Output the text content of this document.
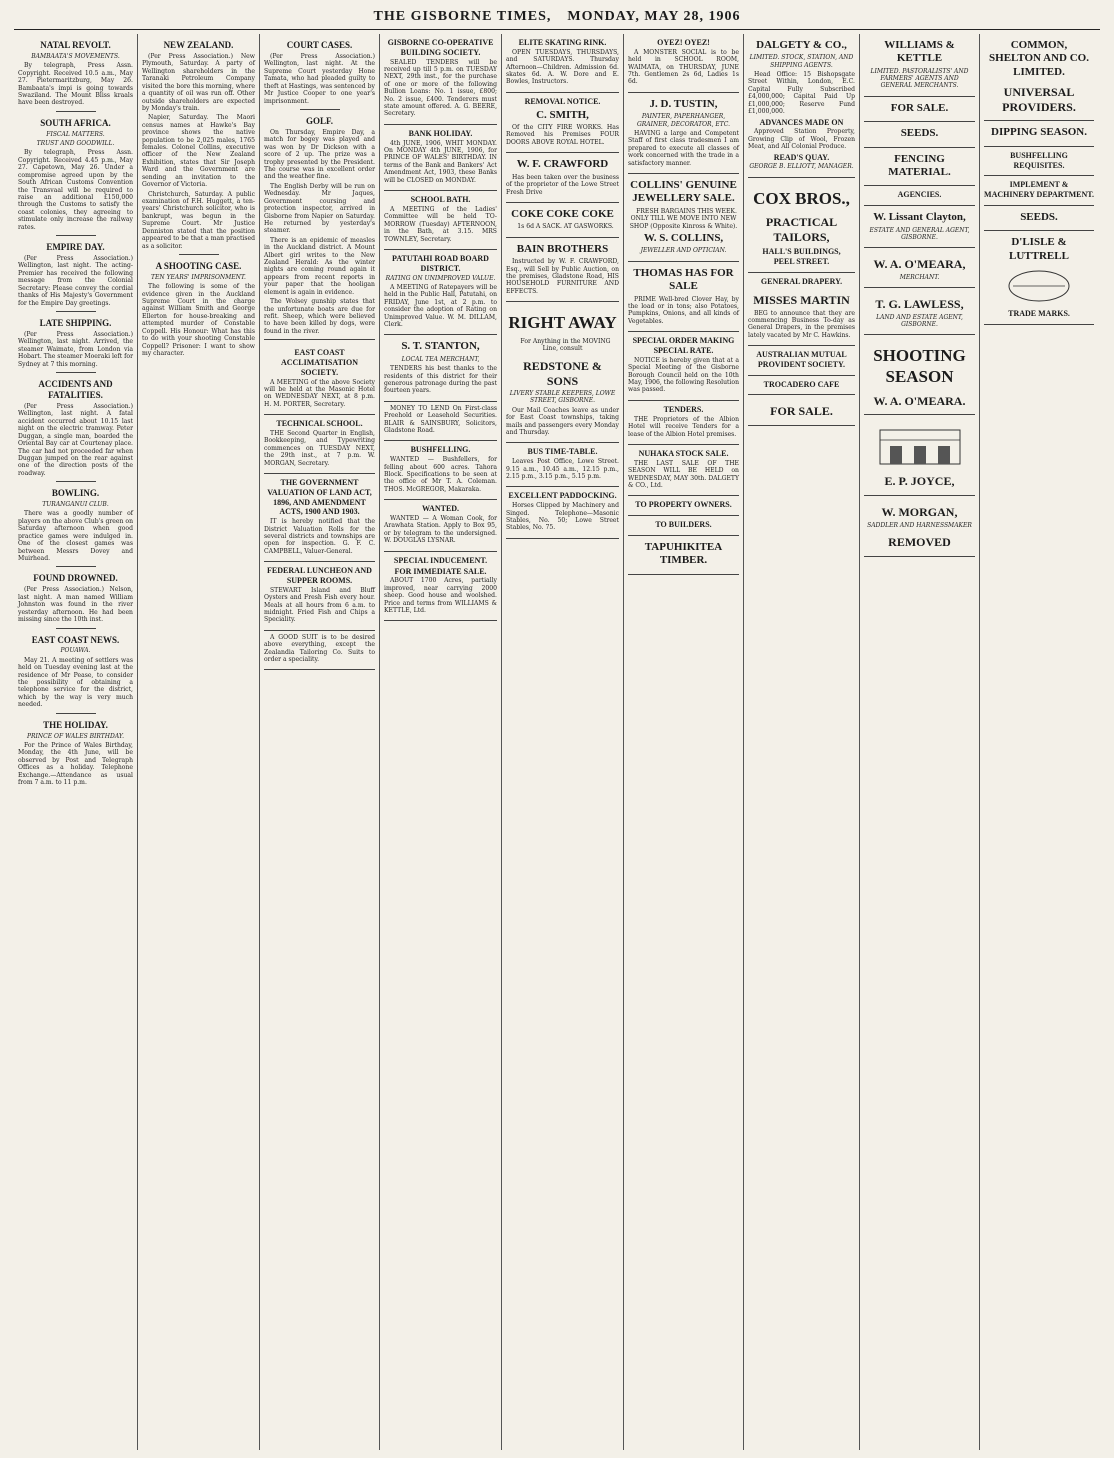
THE GISBORNE TIMES, MONDAY, MAY 28, 1906
NATAL REVOLT.
BAMBAATA'S MOVEMENTS.

By telegraph, Press Assn. Copyright. Received 10.5 a.m., May 27. Pietermaritzburg, May 26. Bambaata's impi is going towards Swaziland. The Mount Bliss kraals have been destroyed.

SOUTH AFRICA.
FISCAL MATTERS.
TRUST AND GOODWILL.

By telegraph, Press Assn. Copyright. Received 4.45 p.m., May 27. Capetown, May 26. Under a compromise agreed upon by the South African Customs Convention the Transvaal will be required to raise an additional £150,000 through the Customs to satisfy the coast colonies, they agreeing to stimulate only increase the railway rates.

EMPIRE DAY.

(Per Press Association.) Wellington, last night. The acting-Premier has received the following message from the Colonial Secretary: Please convey the cordial thanks of His Majesty's Government for the Empire Day greetings.

LATE SHIPPING.

(Per Press Association.) Wellington, last night. Arrived, the steamer Waimate, from London via Hobart. The steamer Moeraki left for Sydney at 7 this morning.

ACCIDENTS AND FATALITIES.

(Per Press Association.) Wellington, last night. A fatal accident occurred about 10.15 last night on the electric tramway. Peter Duggan, a single man, boarded the Oriental Bay car at Courtenay place. The car had not proceeded far when Duggan jumped on the rear against one of the direction posts of the roadway.

BOWLING.
TURANGANUI CLUB.

There was a goodly number of players on the above Club's green on Saturday afternoon when good practice games were indulged in. One of the closest games was between Messrs Dovey and Muirhead.

FOUND DROWNED.

(Per Press Association.) Nelson, last night. A man named William Johnston was found in the river yesterday afternoon. He had been missing since the 10th inst.

EAST COAST NEWS.
POUAWA.

May 21. A meeting of settlers was held on Tuesday evening last at the residence of Mr Pease, to consider the possibility of obtaining a telephone service for the district, which by the way is very much needed.

THE HOLIDAY.
PRINCE OF WALES BIRTHDAY.

For the Prince of Wales Birthday, Monday, the 4th June, will be observed by Post and Telegraph Offices as a holiday. Telephone Exchange.—Attendance as usual from 7 a.m. to 11 p.m.

NEW ZEALAND.

(Per Press Association.) New Plymouth, Saturday. A party of Wellington shareholders in the Taranaki Petroleum Company visited the bore this morning, where a quantity of oil was run off. Other outside shareholders are expected by Monday's train.

Napier, Saturday. The Maori census names at Hawke's Bay province shows the native population to be 2,025 males, 1765 females. Colonel Collins, executive officer of the New Zealand Exhibition, states that Sir Joseph Ward and the Government are sending an invitation to the Governor of Victoria.

Christchurch, Saturday. A public examination of F.H. Huggett, a ten-years' Christchurch solicitor, who is bankrupt, was begun in the Supreme Court. Mr Justice Denniston stated that the position appeared to be that a man practised as a solicitor.

A SHOOTING CASE.
TEN YEARS' IMPRISONMENT.

The following is some of the evidence given in the Auckland Supreme Court in the charge against William Smith and George Ellerton for house-breaking and attempted murder of Constable Coppell. His Honour: What has this to do with your shooting Constable Coppell? Prisoner: I want to show my character.

COURT CASES.

(Per Press Association.) Wellington, last night. At the Supreme Court yesterday Hone Tamata, who had pleaded guilty to theft at Hastings, was sentenced by Mr Justice Cooper to one year's imprisonment.

GOLF.

On Thursday, Empire Day, a match for bogey was played and was won by Dr Dickson with a score of 2 up. The prize was a trophy presented by the President. The course was in excellent order and the weather fine.

The English Derby will be run on Wednesday. Mr Jaques, Government coursing and protection inspector, arrived in Gisborne from Napier on Saturday. He returned by yesterday's steamer.

There is an epidemic of measles in the Auckland district. A Mount Albert girl writes to the New Zealand Herald: As the winter nights are coming round again it appears from recent reports in your paper that the hooligan element is again in evidence.

The Wolsey gunship states that the unfortunate boats are due for refit. Sheep, which were believed to have been killed by dogs, were found in the river.

EAST COAST ACCLIMATISATION SOCIETY.

A MEETING of the above Society will be held at the Masonic Hotel on WEDNESDAY NEXT, at 8 p.m. H. M. PORTER, Secretary.

TECHNICAL SCHOOL.

THE Second Quarter in English, Bookkeeping, and Typewriting commences on TUESDAY NEXT, the 29th inst., at 7 p.m. W. MORGAN, Secretary.

THE GOVERNMENT VALUATION OF LAND ACT, 1896, AND AMENDMENT ACTS, 1900 AND 1903.

IT is hereby notified that the District Valuation Rolls for the several districts and townships are open for inspection. G. F. C. CAMPBELL, Valuer-General.

FEDERAL LUNCHEON AND SUPPER ROOMS.

STEWART Island and Bluff Oysters and Fresh Fish every hour. Meals at all hours from 6 a.m. to midnight. Fried Fish and Chips a Speciality.

A GOOD SUIT is to be desired above everything, except the Zealandia Tailoring Co. Suits to order a speciality.

GISBORNE CO-OPERATIVE BUILDING SOCIETY.

SEALED TENDERS will be received up till 5 p.m. on TUESDAY NEXT, 29th inst., for the purchase of one or more of the following Bullion Loans: No. 1 issue, £800; No. 2 issue, £400. Tenderers must state amount offered. A. G. BEERE, Secretary.

BANK HOLIDAY.

4th JUNE, 1906, WHIT MONDAY. On MONDAY 4th JUNE, 1906, for PRINCE OF WALES' BIRTHDAY. IN terms of the Bank and Bankers' Act Amendment Act, 1903, these Banks will be CLOSED on MONDAY.

SCHOOL BATH.

A MEETING of the Ladies' Committee will be held TO-MORROW (Tuesday) AFTERNOON, in the Bath, at 3.15. MRS TOWNLEY, Secretary.

PATUTAHI ROAD BOARD DISTRICT.
RATING ON UNIMPROVED VALUE.

A MEETING of Ratepayers will be held in the Public Hall, Patutahi, on FRIDAY, June 1st, at 2 p.m. to consider the adoption of Rating on Unimproved Value. W. M. DILLAM, Clerk.

S. T. STANTON,
LOCAL TEA MERCHANT,

TENDERS his best thanks to the residents of this district for their generous patronage during the past fourteen years.

MONEY TO LEND On First-class Freehold or Leasehold Securities. BLAIR & SAINSBURY, Solicitors, Gladstone Road.

BUSHFELLING.

WANTED — Bushfellers, for felling about 600 acres. Tahora Block. Specifications to be seen at the office of Mr T. A. Coleman. THOS. McGREGOR, Makaraka.

WANTED.

WANTED — A Woman Cook, for Arawhata Station. Apply to Box 95, or by telegram to the undersigned. W. DOUGLAS LYSNAR.

SPECIAL INDUCEMENT.
FOR IMMEDIATE SALE.

ABOUT 1700 Acres, partially improved, near carrying 2000 sheep. Good house and woolshed. Price and terms from WILLIAMS & KETTLE, Ltd.

ELITE SKATING RINK.

OPEN TUESDAYS, THURSDAYS, and SATURDAYS. Thursday Afternoon—Children. Admission 6d. skates 6d. A. W. Dore and E. Bowles, Instructors.

REMOVAL NOTICE.
C. SMITH,

Of the CITY FIRE WORKS. Has Removed his Premises FOUR DOORS ABOVE ROYAL HOTEL.

W. F. CRAWFORD

Has been taken over the business of the proprietor of the Lowe Street Fresh Drive

COKE COKE COKE

1s 6d A SACK. AT GASWORKS.

BAIN BROTHERS

Instructed by W. F. CRAWFORD, Esq., will Sell by Public Auction, on the premises, Gladstone Road, HIS HOUSEHOLD FURNITURE AND EFFECTS.

RIGHT AWAY

For Anything in the MOVING Line, consult

REDSTONE & SONS
LIVERY STABLE KEEPERS, LOWE STREET, GISBORNE.

Our Mail Coaches leave as under for East Coast townships, taking mails and passengers every Monday and Thursday.

BUS TIME-TABLE.

Leaves Post Office, Lowe Street. 9.15 a.m., 10.45 a.m., 12.15 p.m., 2.15 p.m., 3.15 p.m., 5.15 p.m.

EXCELLENT PADDOCKING.

Horses Clipped by Machinery and Singed. Telephone—Masonic Stables, No. 50; Lowe Street Stables, No. 75.

OYEZ! OYEZ!

A MONSTER SOCIAL is to be held in SCHOOL ROOM, WAIMATA, on THURSDAY, JUNE 7th. Gentlemen 2s 6d, Ladies 1s 6d.

J. D. TUSTIN,
PAINTER, PAPERHANGER, GRAINER, DECORATOR, ETC.

HAVING a large and Competent Staff of first class tradesmen I am prepared to execute all classes of work concerned with the trade in a satisfactory manner.

COLLINS' GENUINE JEWELLERY SALE.

FRESH BARGAINS THIS WEEK. ONLY TILL WE MOVE INTO NEW SHOP (Opposite Kinross & White).

W. S. COLLINS,
JEWELLER AND OPTICIAN.
THOMAS HAS FOR SALE

PRIME Well-bred Clover Hay, by the load or in tons; also Potatoes, Pumpkins, Onions, and all kinds of Vegetables.

SPECIAL ORDER MAKING SPECIAL RATE.

NOTICE is hereby given that at a Special Meeting of the Gisborne Borough Council held on the 10th May, 1906, the following Resolution was passed.

TENDERS.

THE Proprietors of the Albion Hotel will receive Tenders for a lease of the Albion Hotel premises.

NUHAKA STOCK SALE.

THE LAST SALE OF THE SEASON WILL BE HELD on WEDNESDAY, MAY 30th. DALGETY & CO., Ltd.

TO PROPERTY OWNERS.
TO BUILDERS.
TAPUHIKITEA TIMBER.
DALGETY & CO.,
LIMITED. STOCK, STATION, AND SHIPPING AGENTS.

Head Office: 15 Bishopsgate Street Within, London, E.C. Capital Fully Subscribed £4,000,000; Capital Paid Up £1,000,000; Reserve Fund £1,000,000.

ADVANCES MADE ON

Approved Station Property, Growing Clip of Wool, Frozen Meat, and All Colonial Produce.

READ'S QUAY.
GEORGE B. ELLIOTT, MANAGER.
COX BROS.,
PRACTICAL TAILORS,
HALL'S BUILDINGS,
PEEL STREET.
GENERAL DRAPERY.
MISSES MARTIN

BEG to announce that they are commencing Business To-day as General Drapers, in the premises lately vacated by Mr C. Hawkins.

AUSTRALIAN MUTUAL PROVIDENT SOCIETY.
TROCADERO CAFE
FOR SALE.
WILLIAMS & KETTLE
LIMITED. PASTORALISTS' AND FARMERS' AGENTS AND GENERAL MERCHANTS.
FOR SALE.
SEEDS.
FENCING MATERIAL.
AGENCIES.
W. Lissant Clayton,
ESTATE AND GENERAL AGENT, GISBORNE.
W. A. O'MEARA,
MERCHANT.
T. G. LAWLESS,
LAND AND ESTATE AGENT, GISBORNE.
SHOOTING SEASON
W. A. O'MEARA.
E. P. JOYCE,
W. MORGAN,
SADDLER AND HARNESSMAKER
REMOVED
COMMON, SHELTON AND CO. LIMITED.
UNIVERSAL PROVIDERS.
DIPPING SEASON.
BUSHFELLING REQUISITES.
IMPLEMENT & MACHINERY DEPARTMENT.
SEEDS.
D'LISLE & LUTTRELL
TRADE MARKS.
